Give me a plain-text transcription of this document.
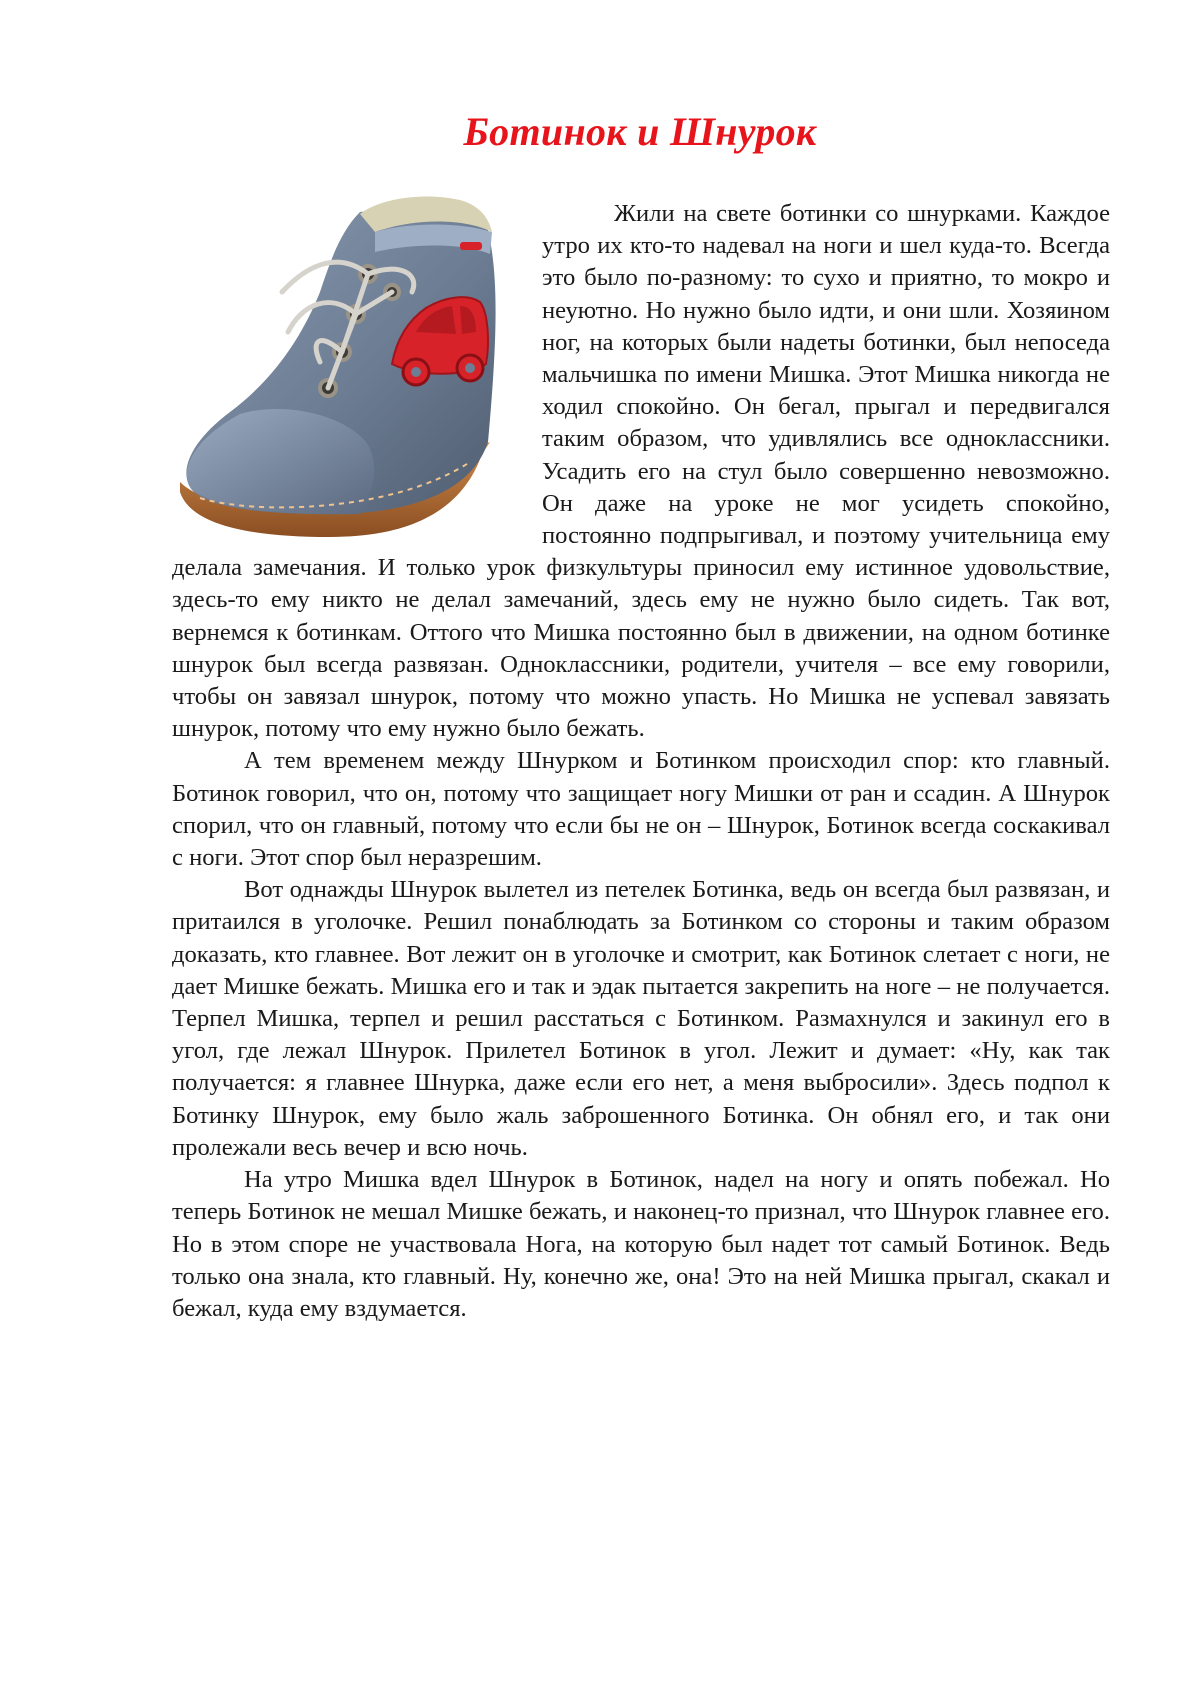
Ботинок и Шнурок

Жили на свете ботинки со шнурками. Каждое утро их кто-то надевал на ноги и шел куда-то. Всегда это было по-разному: то сухо и приятно, то мокро и неуютно. Но нужно было идти, и они шли. Хозяином ног, на которых были надеты ботинки, был непоседа мальчишка по имени Мишка. Этот Мишка никогда не ходил спокойно. Он бегал, прыгал и передвигался таким образом, что удивлялись все одноклассники. Усадить его на стул было совершенно невозможно. Он даже на уроке не мог усидеть спокойно, постоянно подпрыгивал, и поэтому учительница ему делала замечания. И только урок физкультуры приносил ему истинное удовольствие, здесь-то ему никто не делал замечаний, здесь ему не нужно было сидеть. Так вот, вернемся к ботинкам. Оттого что Мишка постоянно был в движении, на одном ботинке шнурок был всегда развязан. Одноклассники, родители, учителя – все ему говорили, чтобы он завязал шнурок, потому что можно упасть. Но Мишка не успевал завязать шнурок, потому что ему нужно было бежать.

А тем временем между Шнурком и Ботинком происходил спор: кто главный. Ботинок говорил, что он, потому что защищает ногу Мишки от ран и ссадин. А Шнурок спорил, что он главный, потому что если бы не он – Шнурок, Ботинок всегда соскакивал с ноги. Этот спор был неразрешим.

Вот однажды Шнурок вылетел из петелек Ботинка, ведь он всегда был развязан, и притаился в уголочке. Решил понаблюдать за Ботинком со стороны и таким образом доказать, кто главнее. Вот лежит он в уголочке и смотрит, как Ботинок слетает с ноги, не дает Мишке бежать. Мишка его и так и эдак пытается закрепить на ноге – не получается. Терпел Мишка, терпел и решил расстаться с Ботинком. Размахнулся и закинул его в угол, где лежал Шнурок. Прилетел Ботинок в угол. Лежит и думает: «Ну, как так получается: я главнее Шнурка, даже если его нет, а меня выбросили». Здесь подпол к Ботинку Шнурок, ему было жаль заброшенного Ботинка. Он обнял его, и так они пролежали весь вечер и всю ночь.

На утро Мишка вдел Шнурок в Ботинок, надел на ногу и опять побежал. Но теперь Ботинок не мешал Мишке бежать, и наконец-то признал, что Шнурок главнее его. Но в этом споре не участвовала Нога, на которую был надет тот самый Ботинок. Ведь только она знала, кто главный. Ну, конечно же, она! Это на ней Мишка прыгал, скакал и бежал, куда ему вздумается.
